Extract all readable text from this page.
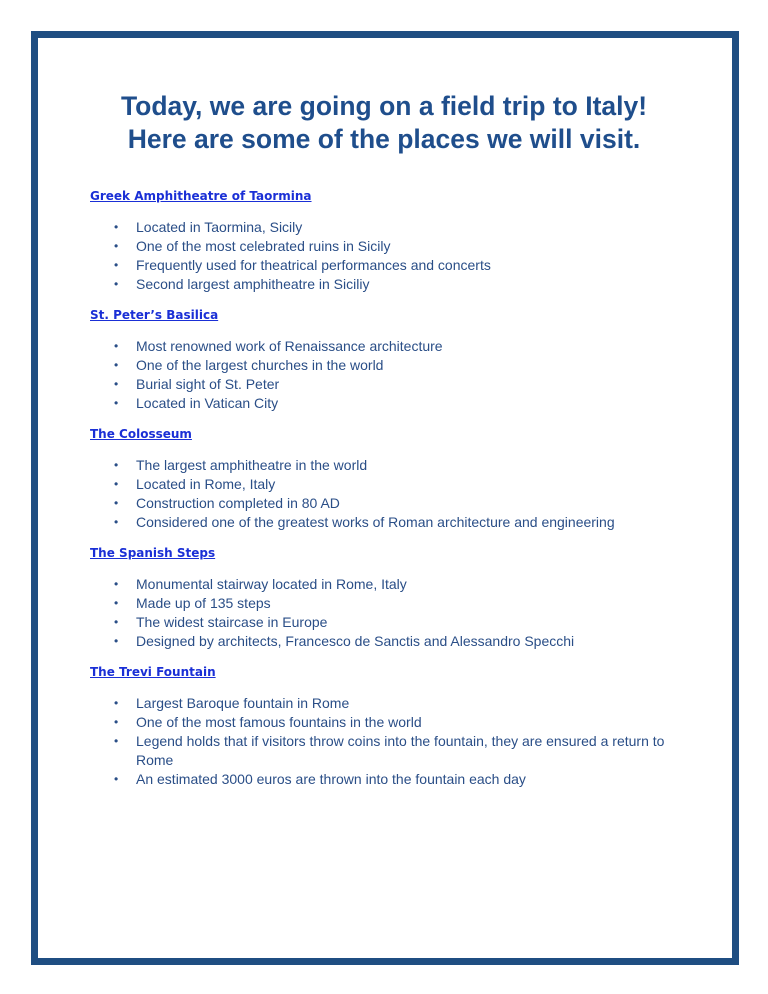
Today, we are going on a field trip to Italy!
Here are some of the places we will visit.
Greek Amphitheatre of Taormina
• Located in Taormina, Sicily
• One of the most celebrated ruins in Sicily
• Frequently used for theatrical performances and concerts
• Second largest amphitheatre in Siciliy
St. Peter’s Basilica
• Most renowned work of Renaissance architecture
• One of the largest churches in the world
• Burial sight of St. Peter
• Located in Vatican City
The Colosseum
• The largest amphitheatre in the world
• Located in Rome, Italy
• Construction completed in 80 AD
• Considered one of the greatest works of Roman architecture and engineering
The Spanish Steps
• Monumental stairway located in Rome, Italy
• Made up of 135 steps
• The widest staircase in Europe
• Designed by architects, Francesco de Sanctis and Alessandro Specchi
The Trevi Fountain
• Largest Baroque fountain in Rome
• One of the most famous fountains in the world
• Legend holds that if visitors throw coins into the fountain, they are ensured a return to Rome
• An estimated 3000 euros are thrown into the fountain each day
